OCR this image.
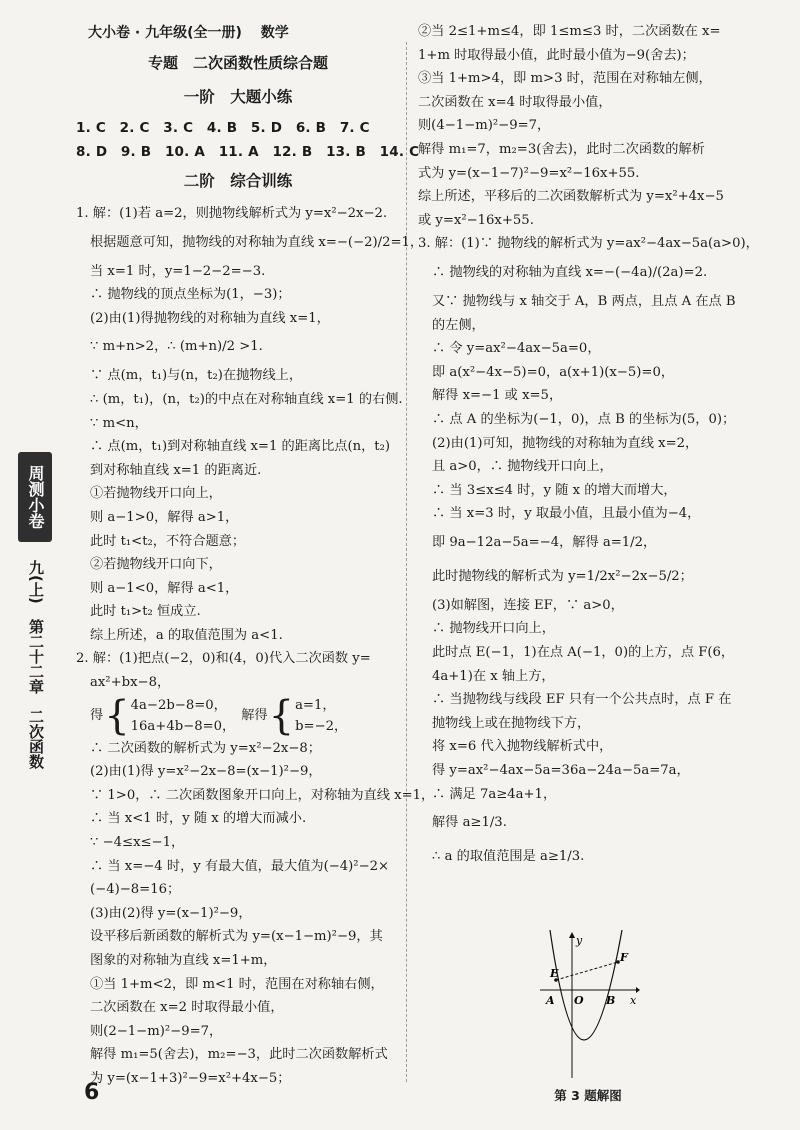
大小卷 · 九年级(全一册) 数学
专题　二次函数性质综合题
一阶　大题小练
1. C　2. C　3. C　4. B　5. D　6. B　7. C
8. D　9. B　10. A　11. A　12. B　13. B　14. C
二阶　综合训练
1. 解：(1)若 a=2，则抛物线解析式为 y=x²−2x−2.
根据题意可知，抛物线的对称轴为直线 x=−(−2)/2=1，
当 x=1 时，y=1−2−2=−3.
∴ 抛物线的顶点坐标为(1，−3)；
(2)由(1)得抛物线的对称轴为直线 x=1，
∵ m+n>2，∴ (m+n)/2 >1.
∵ 点(m，t₁)与(n，t₂)在抛物线上，
∴ (m，t₁)，(n，t₂)的中点在对称轴直线 x=1 的右侧.
∵ m<n，
∴ 点(m，t₁)到对称轴直线 x=1 的距离比点(n，t₂)
到对称轴直线 x=1 的距离近.
①若抛物线开口向上，
则 a−1>0，解得 a>1，
此时 t₁<t₂，不符合题意；
②若抛物线开口向下，
则 a−1<0，解得 a<1，
此时 t₁>t₂ 恒成立.
综上所述，a 的取值范围为 a<1.
2. 解：(1)把点(−2，0)和(4，0)代入二次函数 y=
ax²+bx−8，
得 { 4a−2b−8=0，
16a+4b−8=0，
解得 { a=1，
b=−2，
∴ 二次函数的解析式为 y=x²−2x−8；
(2)由(1)得 y=x²−2x−8=(x−1)²−9，
∵ 1>0，∴ 二次函数图象开口向上，对称轴为直线 x=1，
∴ 当 x<1 时，y 随 x 的增大而减小.
∵ −4≤x≤−1，
∴ 当 x=−4 时，y 有最大值，最大值为(−4)²−2×
(−4)−8=16；
(3)由(2)得 y=(x−1)²−9，
设平移后新函数的解析式为 y=(x−1−m)²−9，其
图象的对称轴为直线 x=1+m，
①当 1+m<2，即 m<1 时，范围在对称轴右侧，
二次函数在 x=2 时取得最小值，
则(2−1−m)²−9=7，
解得 m₁=5(舍去)，m₂=−3，此时二次函数解析式
为 y=(x−1+3)²−9=x²+4x−5；
②当 2≤1+m≤4，即 1≤m≤3 时，二次函数在 x=
1+m 时取得最小值，此时最小值为−9(舍去)；
③当 1+m>4，即 m>3 时，范围在对称轴左侧，
二次函数在 x=4 时取得最小值，
则(4−1−m)²−9=7，
解得 m₁=7，m₂=3(舍去)，此时二次函数的解析
式为 y=(x−1−7)²−9=x²−16x+55.
综上所述，平移后的二次函数解析式为 y=x²+4x−5
或 y=x²−16x+55.
3. 解：(1)∵ 抛物线的解析式为 y=ax²−4ax−5a(a>0)，
∴ 抛物线的对称轴为直线 x=−(−4a)/(2a)=2.
又∵ 抛物线与 x 轴交于 A，B 两点，且点 A 在点 B
的左侧，
∴ 令 y=ax²−4ax−5a=0，
即 a(x²−4x−5)=0，a(x+1)(x−5)=0，
解得 x=−1 或 x=5，
∴ 点 A 的坐标为(−1，0)，点 B 的坐标为(5，0)；
(2)由(1)可知，抛物线的对称轴为直线 x=2，
且 a>0，∴ 抛物线开口向上，
∴ 当 3≤x≤4 时，y 随 x 的增大而增大，
∴ 当 x=3 时，y 取最小值，且最小值为−4，
即 9a−12a−5a=−4，解得 a=1/2，
此时抛物线的解析式为 y=1/2x²−2x−5/2；
(3)如解图，连接 EF，∵ a>0，
∴ 抛物线开口向上，
此时点 E(−1，1)在点 A(−1，0)的上方，点 F(6，
4a+1)在 x 轴上方，
∴ 当抛物线与线段 EF 只有一个公共点时，点 F 在
抛物线上或在抛物线下方，
将 x=6 代入抛物线解析式中，
得 y=ax²−4ax−5a=36a−24a−5a=7a，
∴ 满足 7a≥4a+1，
解得 a≥1/3.
∴ a 的取值范围是 a≥1/3.
y
x
E
F
A O B
第 3 题解图
周测小卷
九(上)　第二十二章　二次函数
6
